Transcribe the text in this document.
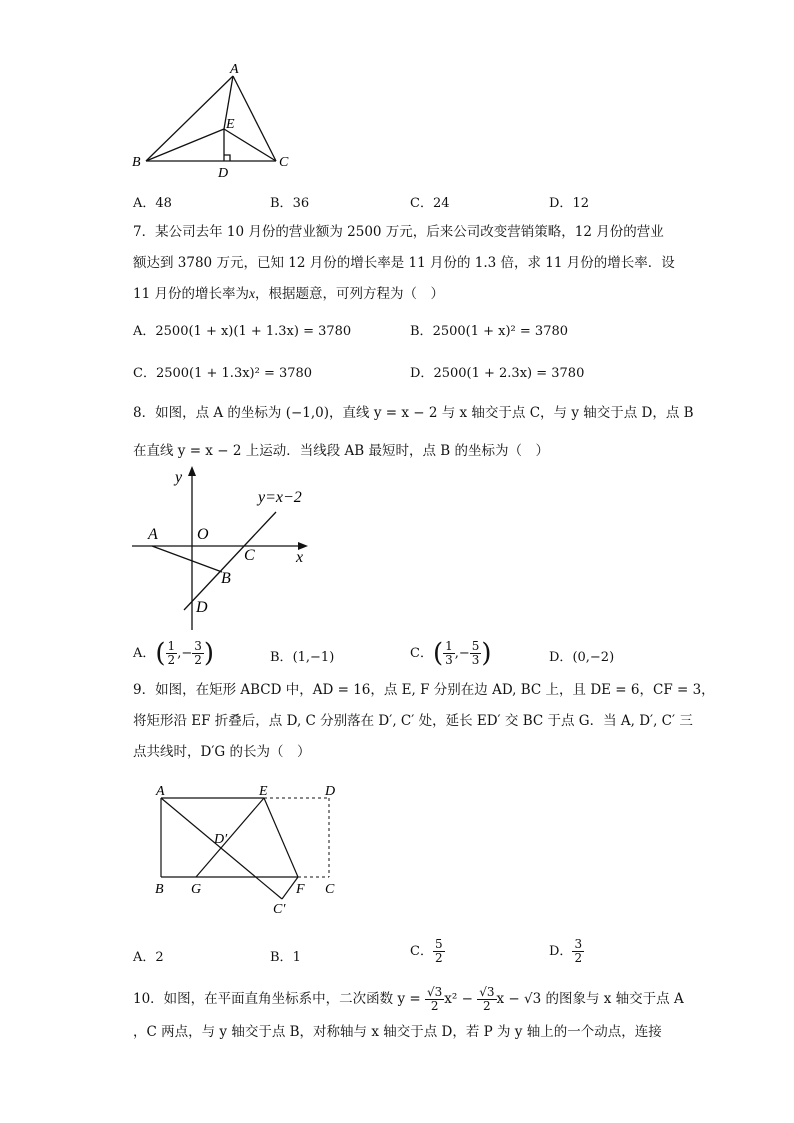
A
E
B	C
D
A．48	B．36	C．24	D．12
7．某公司去年 10 月份的营业额为 2500 万元，后来公司改变营销策略，12 月份的营业
额达到 3780 万元，已知 12 月份的增长率是 11 月份的 1.3 倍，求 11 月份的增长率．设
11 月份的增长率为x，根据题意，可列方程为（　）
A．2500(1 + x)(1 + 1.3x) = 3780	B．2500(1 + x)² = 3780
C．2500(1 + 1.3x)² = 3780	D．2500(1 + 2.3x) = 3780
8．如图，点 A 的坐标为 (−1,0)，直线 y = x − 2 与 x 轴交于点 C，与 y 轴交于点 D，点 B
在直线 y = x − 2 上运动．当线段 AB 最短时，点 B 的坐标为（　）
y=x−2
y
x
A O
C
B
D
A．( $\frac{1}{2}$ ,− $\frac{3}{2}$ )	B．(1,−1)	C．( $\frac{1}{3}$ ,− $\frac{5}{3}$ )	D．(0,−2)
9．如图，在矩形 ABCD 中，AD = 16，点 E, F 分别在边 AD, BC 上，且 DE = 6，CF = 3，
将矩形沿 EF 折叠后，点 D, C 分别落在 D′, C′ 处，延长 ED′ 交 BC 于点 G．当 A, D′, C′ 三
点共线时，D′G 的长为（　）
A	E	D
D′
B G	F C
C′
A．2	B．1	C． $\frac{5}{2}$	D． $\frac{3}{2}$
10．如图，在平面直角坐标系中，二次函数 $y = \frac{√3}{2} x^2 - \frac{√3}{2}$ x − √3 的图象与 x 轴交于点 A
，C 两点，与 y 轴交于点 B，对称轴与 x 轴交于点 D，若 P 为 y 轴上的一个动点，连接
